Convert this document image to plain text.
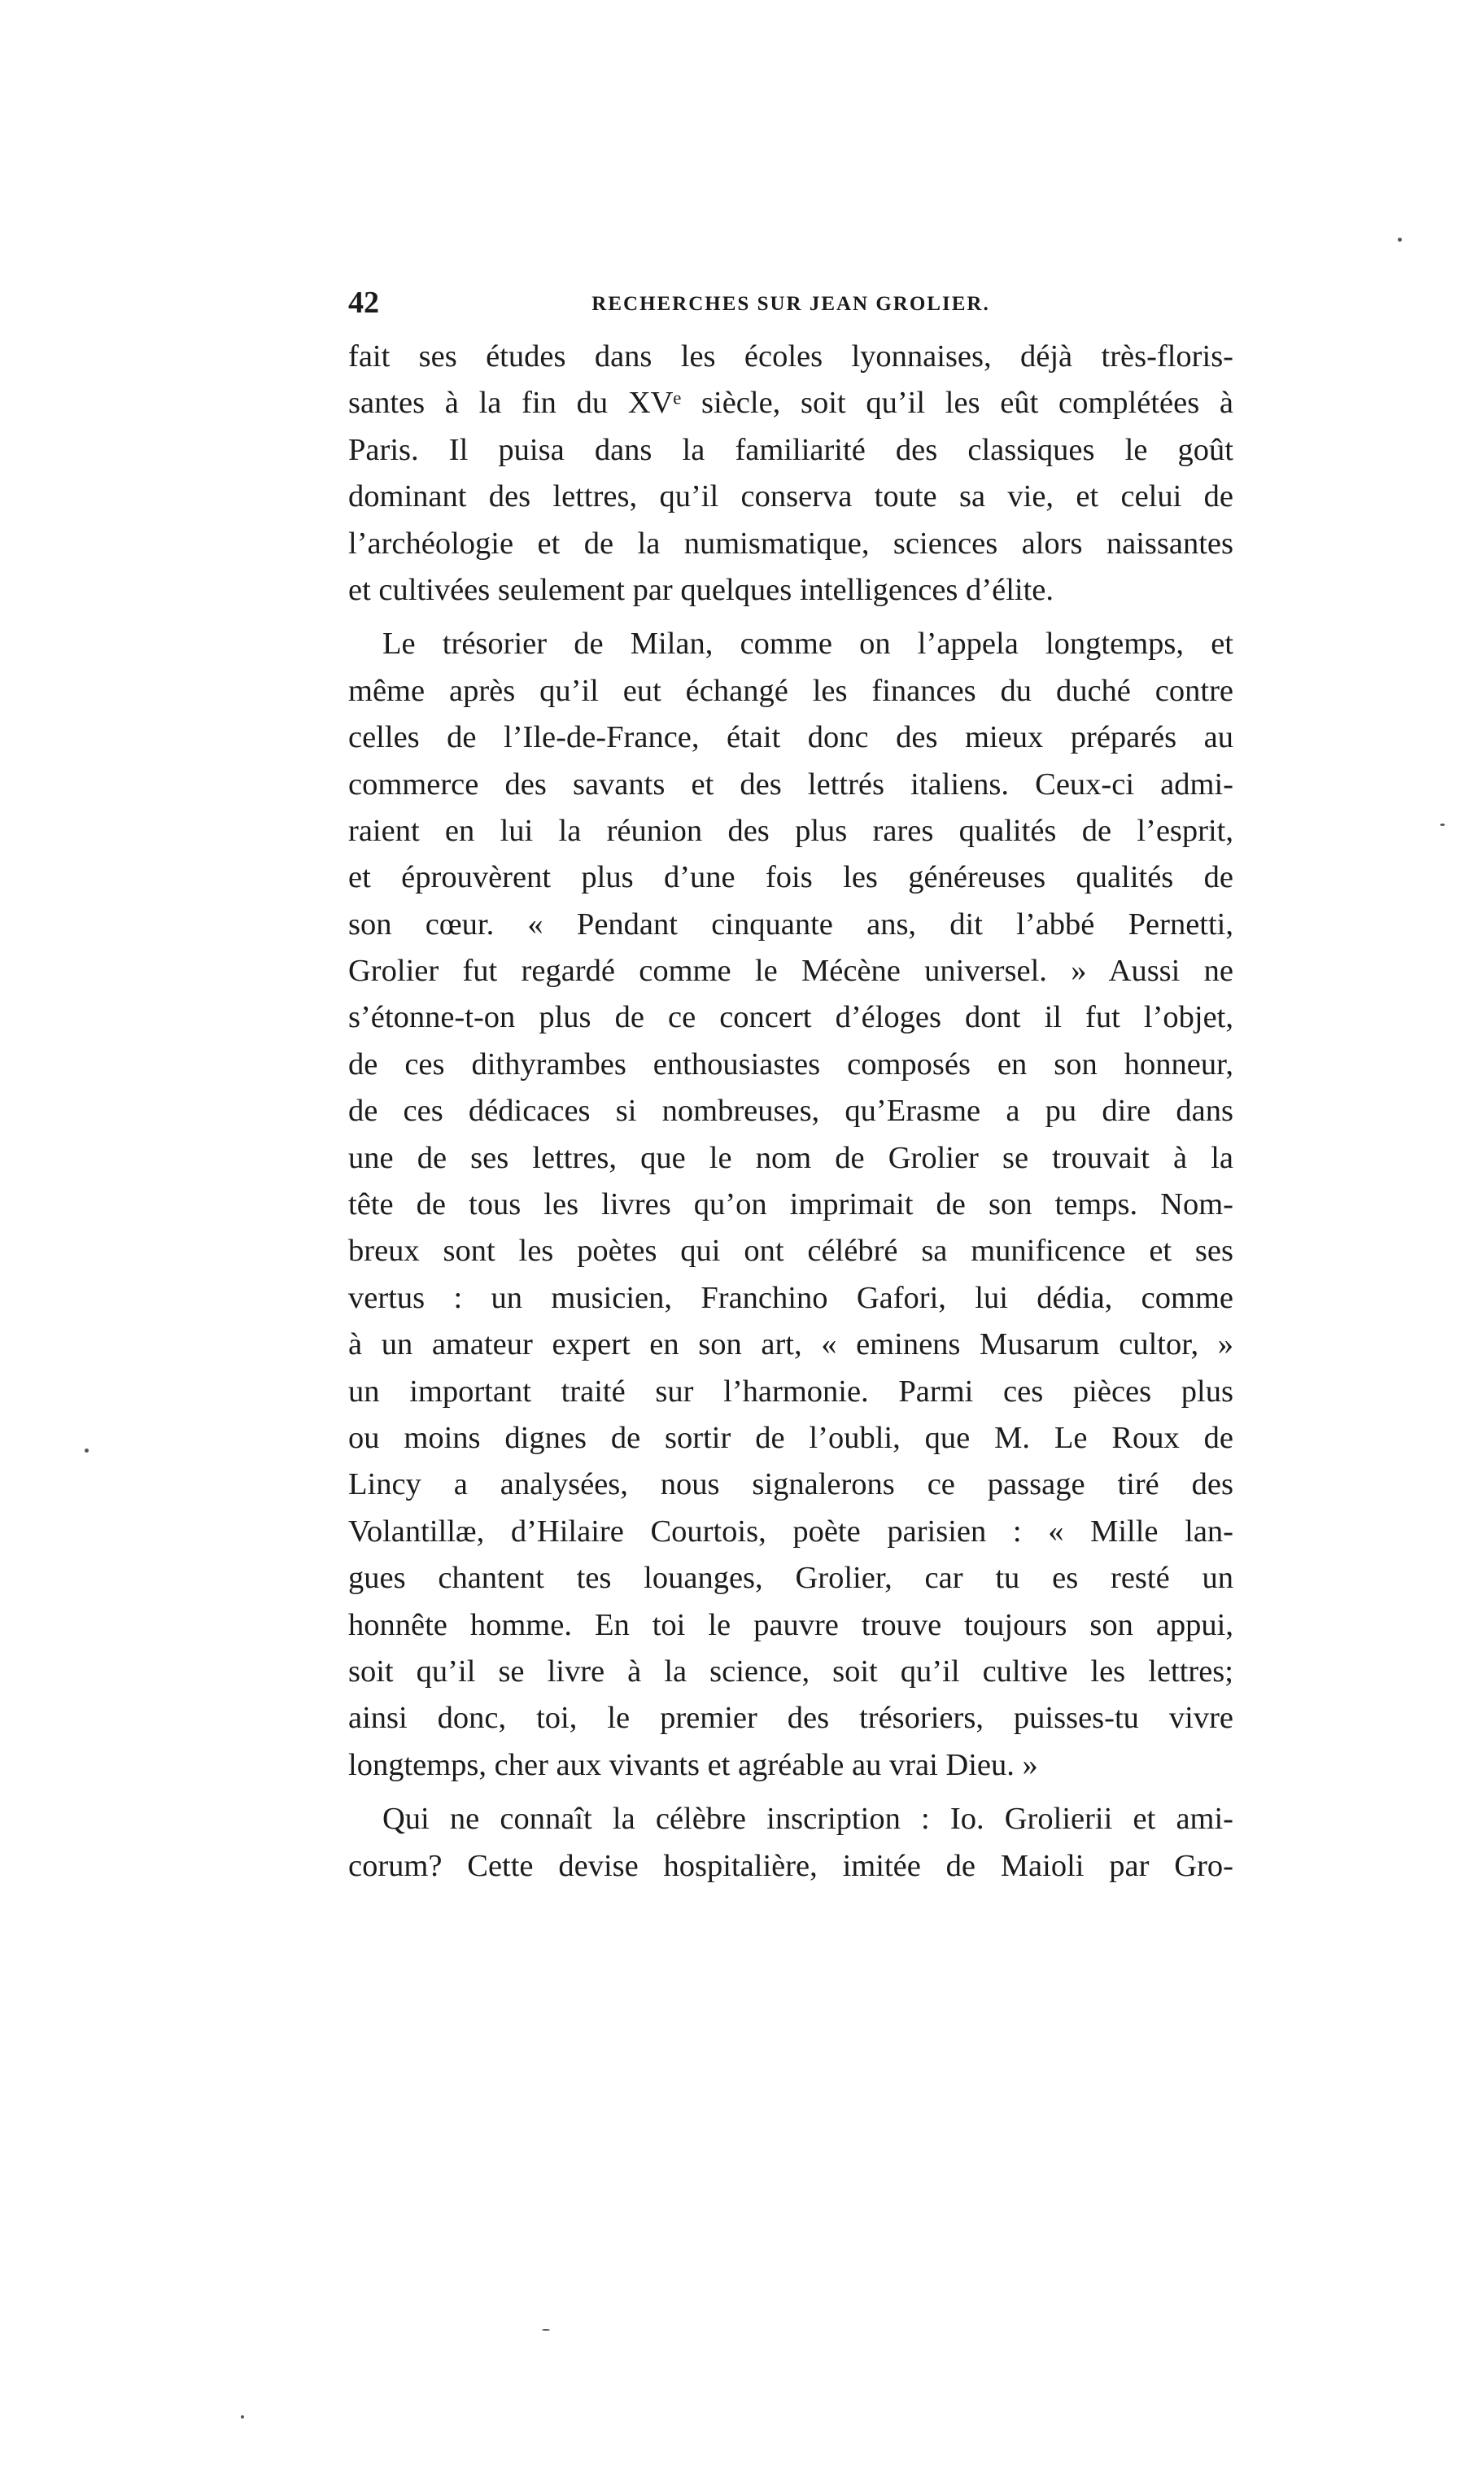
42	RECHERCHES SUR JEAN GROLIER.
fait ses études dans les écoles lyonnaises, déjà très-floris-
santes à la fin du XVᵉ siècle, soit qu’il les eût complétées à
Paris. Il puisa dans la familiarité des classiques le goût
dominant des lettres, qu’il conserva toute sa vie, et celui de
l’archéologie et de la numismatique, sciences alors naissantes
et cultivées seulement par quelques intelligences d’élite.
Le trésorier de Milan, comme on l’appela longtemps, et
même après qu’il eut échangé les finances du duché contre
celles de l’Ile-de-France, était donc des mieux préparés au
commerce des savants et des lettrés italiens. Ceux-ci admi-
raient en lui la réunion des plus rares qualités de l’esprit,
et éprouvèrent plus d’une fois les généreuses qualités de
son cœur. « Pendant cinquante ans, dit l’abbé Pernetti,
Grolier fut regardé comme le Mécène universel. » Aussi ne
s’étonne-t-on plus de ce concert d’éloges dont il fut l’objet,
de ces dithyrambes enthousiastes composés en son honneur,
de ces dédicaces si nombreuses, qu’Erasme a pu dire dans
une de ses lettres, que le nom de Grolier se trouvait à la
tête de tous les livres qu’on imprimait de son temps. Nom-
breux sont les poètes qui ont célébré sa munificence et ses
vertus : un musicien, Franchino Gafori, lui dédia, comme
à un amateur expert en son art, « eminens Musarum cultor, »
un important traité sur l’harmonie. Parmi ces pièces plus
ou moins dignes de sortir de l’oubli, que M. Le Roux de
Lincy a analysées, nous signalerons ce passage tiré des
Volantillæ, d’Hilaire Courtois, poète parisien : « Mille lan-
gues chantent tes louanges, Grolier, car tu es resté un
honnête homme. En toi le pauvre trouve toujours son appui,
soit qu’il se livre à la science, soit qu’il cultive les lettres;
ainsi donc, toi, le premier des trésoriers, puisses-tu vivre
longtemps, cher aux vivants et agréable au vrai Dieu. »
Qui ne connaît la célèbre inscription : Io. Grolierii et ami-
corum? Cette devise hospitalière, imitée de Maioli par Gro-
